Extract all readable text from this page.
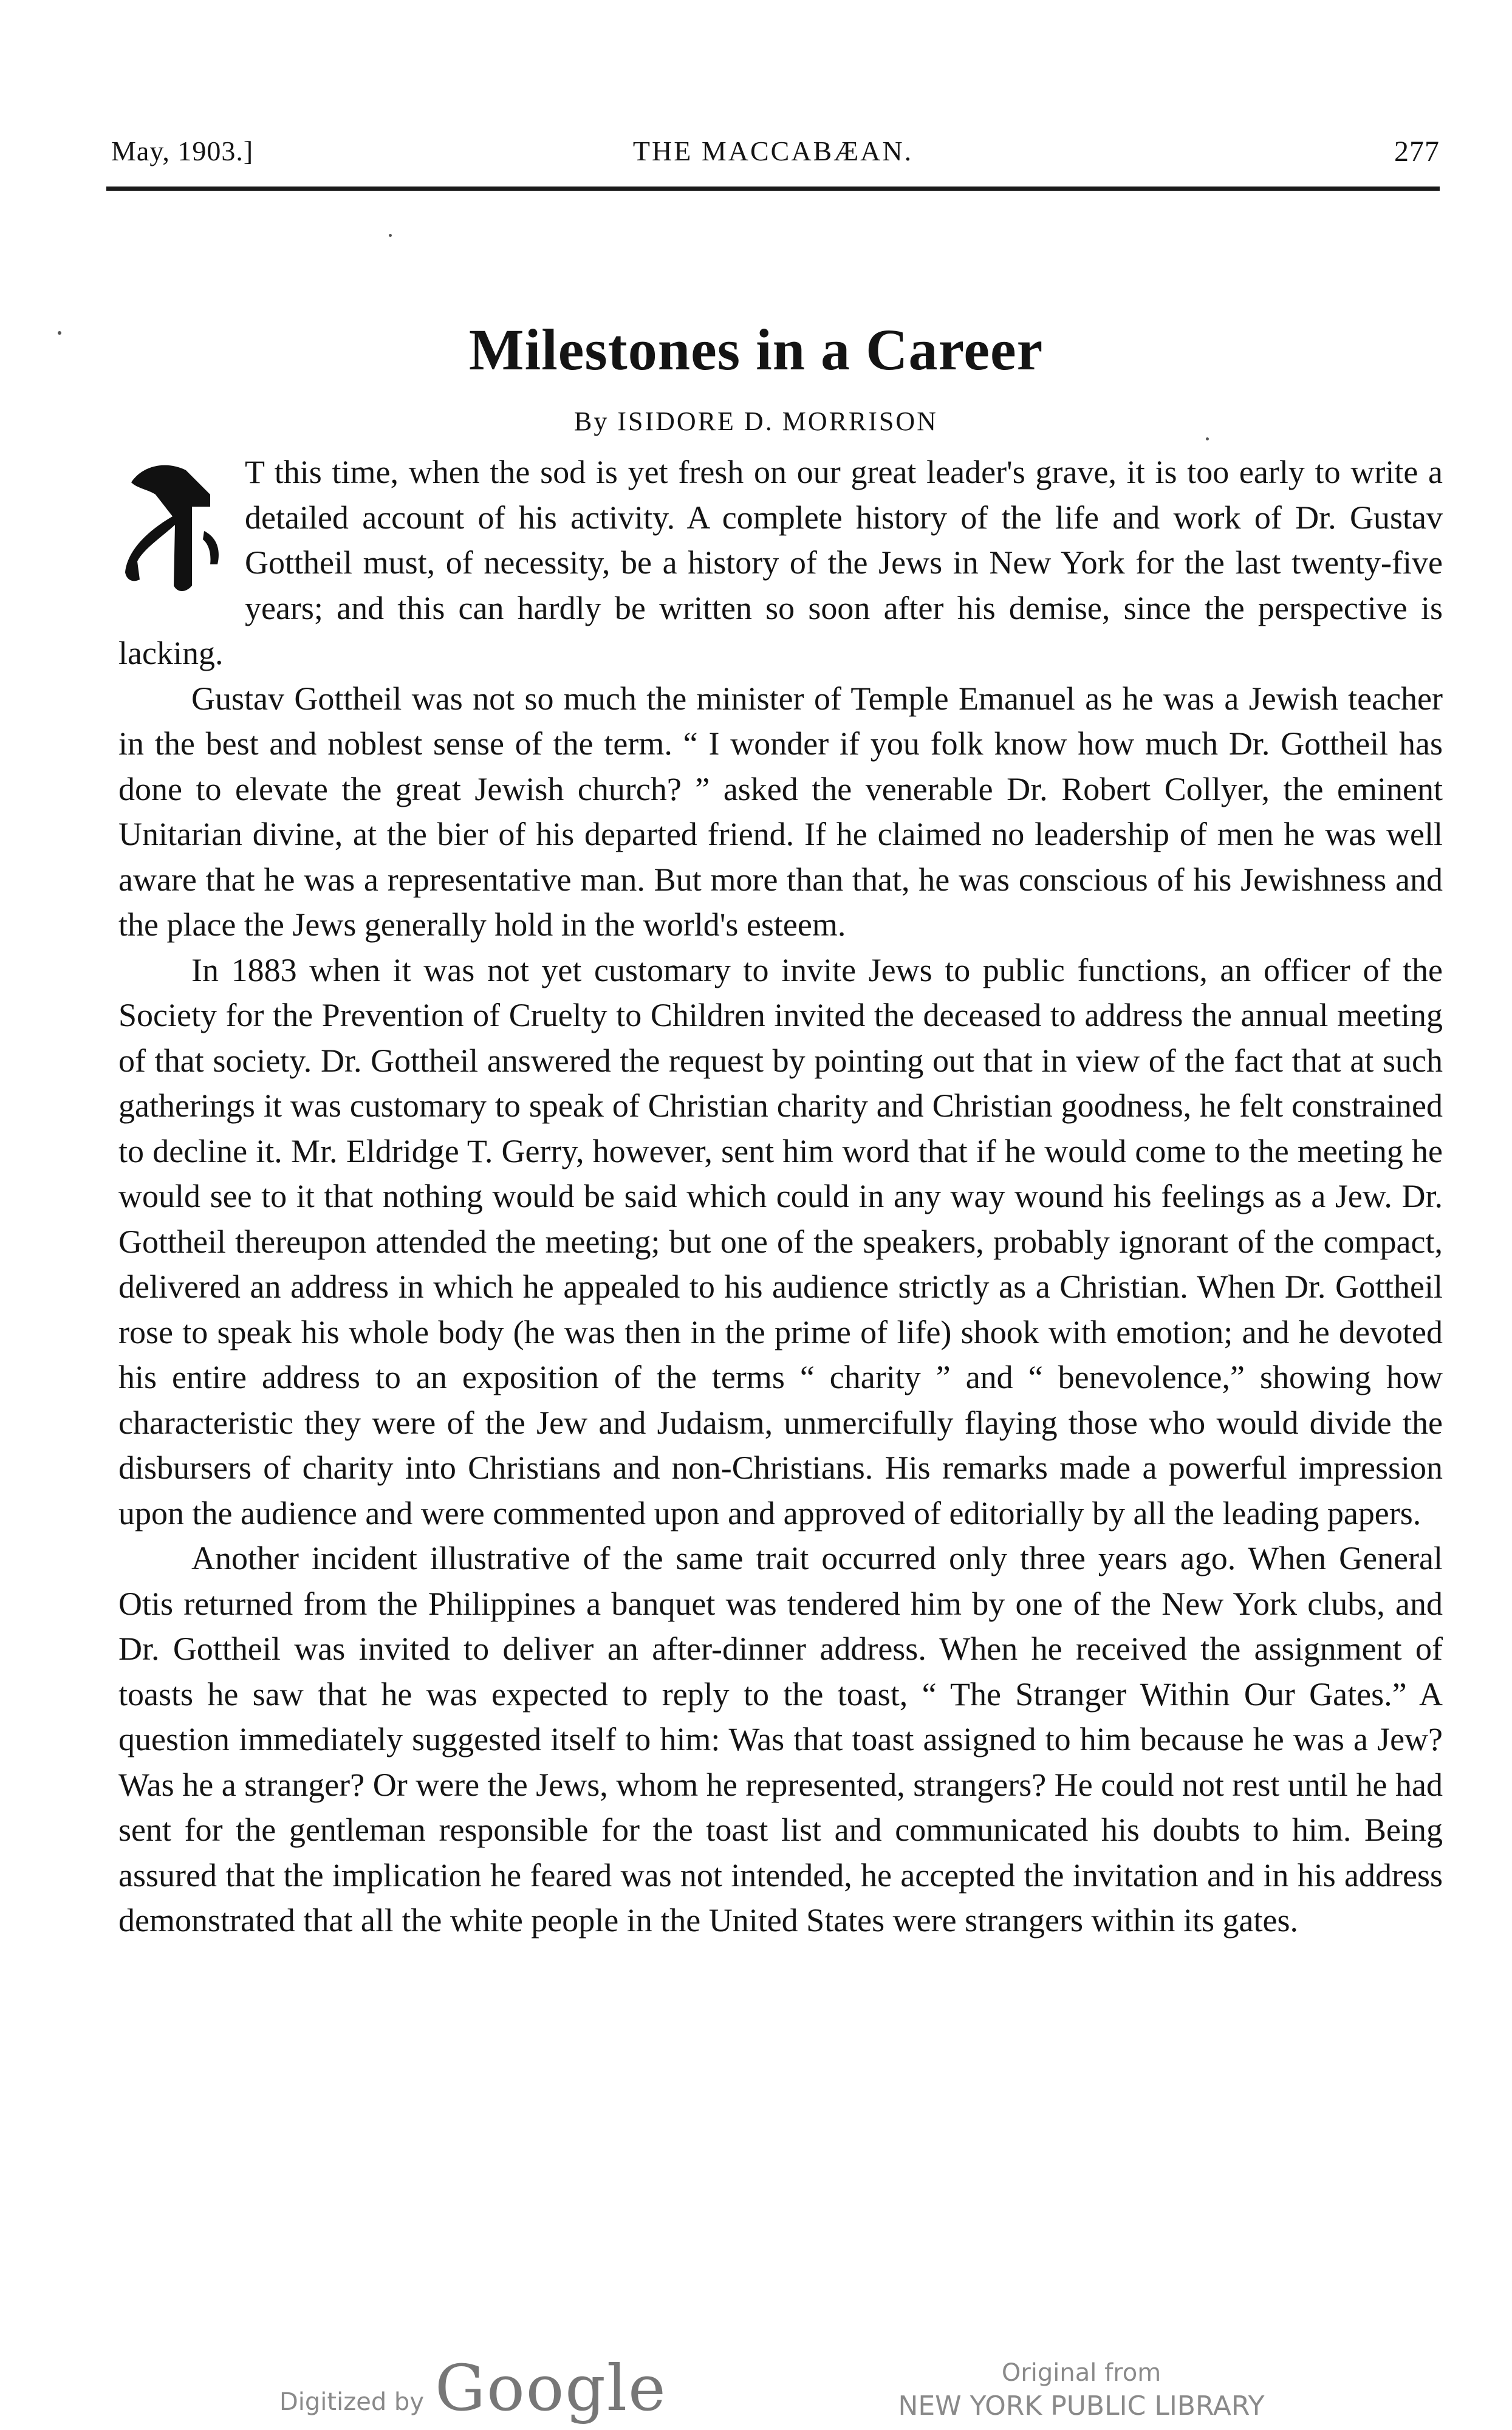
May, 1903.]	THE MACCABÆAN.	277
Milestones in a Career
By ISIDORE D. MORRISON

T this time, when the sod is yet fresh on our great leader's grave, it is too early to write a detailed account of his activity. A complete history of the life and work of Dr. Gustav Gottheil must, of necessity, be a history of the Jews in New York for the last twenty-five years; and this can hardly be written so soon after his demise, since the perspective is lacking.

Gustav Gottheil was not so much the minister of Temple Emanuel as he was a Jewish teacher in the best and noblest sense of the term. “ I wonder if you folk know how much Dr. Gottheil has done to elevate the great Jewish church? ” asked the venerable Dr. Robert Collyer, the eminent Unitarian divine, at the bier of his departed friend. If he claimed no leadership of men he was well aware that he was a representative man. But more than that, he was conscious of his Jewishness and the place the Jews generally hold in the world's esteem.

In 1883 when it was not yet customary to invite Jews to public functions, an officer of the Society for the Prevention of Cruelty to Children invited the deceased to address the annual meeting of that society. Dr. Gottheil answered the request by pointing out that in view of the fact that at such gatherings it was customary to speak of Christian charity and Christian goodness, he felt constrained to decline it. Mr. Eldridge T. Gerry, however, sent him word that if he would come to the meeting he would see to it that nothing would be said which could in any way wound his feelings as a Jew. Dr. Gottheil thereupon attended the meeting; but one of the speakers, probably ignorant of the compact, delivered an address in which he appealed to his audience strictly as a Christian. When Dr. Gottheil rose to speak his whole body (he was then in the prime of life) shook with emotion; and he devoted his entire address to an exposition of the terms “ charity ” and “ benevolence,” showing how characteristic they were of the Jew and Judaism, unmercifully flaying those who would divide the disbursers of charity into Christians and non-Christians. His remarks made a powerful impression upon the audience and were commented upon and approved of editorially by all the leading papers.

Another incident illustrative of the same trait occurred only three years ago. When General Otis returned from the Philippines a banquet was tendered him by one of the New York clubs, and Dr. Gottheil was invited to deliver an after-dinner address. When he received the assignment of toasts he saw that he was expected to reply to the toast, “ The Stranger Within Our Gates.” A question immediately suggested itself to him: Was that toast assigned to him because he was a Jew? Was he a stranger? Or were the Jews, whom he represented, strangers? He could not rest until he had sent for the gentleman responsible for the toast list and communicated his doubts to him. Being assured that the implication he feared was not intended, he accepted the invitation and in his address demonstrated that all the white people in the United States were strangers within its gates.

Digitized by Google	Original from
NEW YORK PUBLIC LIBRARY
